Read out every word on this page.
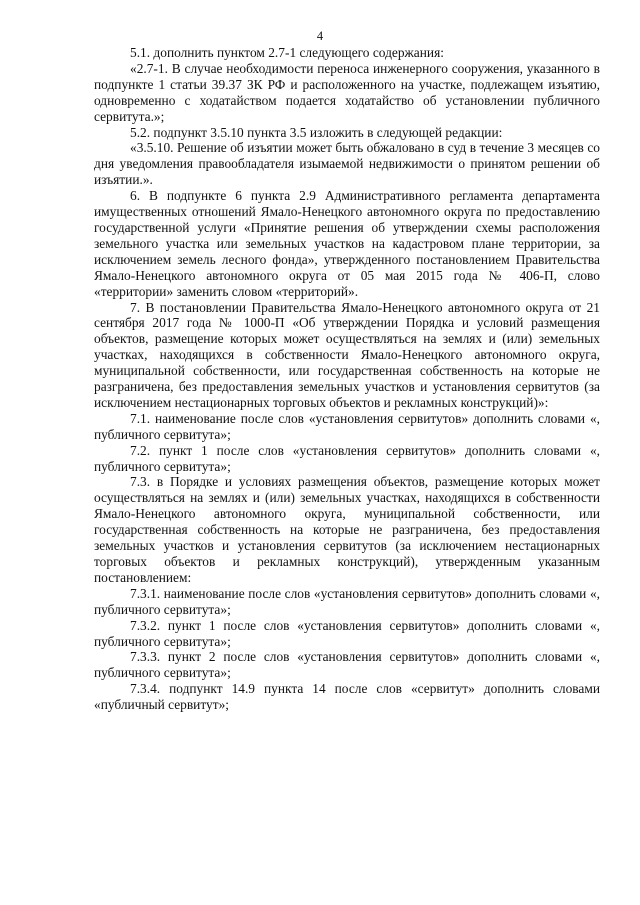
4

5.1. дополнить пунктом 2.7-1 следующего содержания:

«2.7-1. В случае необходимости переноса инженерного сооружения, указанного в подпункте 1 статьи 39.37 ЗК РФ и расположенного на участке, подлежащем изъятию, одновременно с ходатайством подается ходатайство об установлении публичного сервитута.»;

5.2. подпункт 3.5.10 пункта 3.5 изложить в следующей редакции:

«3.5.10. Решение об изъятии может быть обжаловано в суд в течение 3 месяцев со дня уведомления правообладателя изымаемой недвижимости о принятом решении об изъятии.».

6. В подпункте 6 пункта 2.9 Административного регламента департамента имущественных отношений Ямало-Ненецкого автономного округа по предоставлению государственной услуги «Принятие решения об утверждении схемы расположения земельного участка или земельных участков на кадастровом плане территории, за исключением земель лесного фонда», утвержденного постановлением Правительства Ямало-Ненецкого автономного округа от 05 мая 2015 года № 406-П, слово «территории» заменить словом «территорий».

7. В постановлении Правительства Ямало-Ненецкого автономного округа от 21 сентября 2017 года № 1000-П «Об утверждении Порядка и условий размещения объектов, размещение которых может осуществляться на землях и (или) земельных участках, находящихся в собственности Ямало-Ненецкого автономного округа, муниципальной собственности, или государственная собственность на которые не разграничена, без предоставления земельных участков и установления сервитутов (за исключением нестационарных торговых объектов и рекламных конструкций)»:

7.1. наименование после слов «установления сервитутов» дополнить словами «, публичного сервитута»;

7.2. пункт 1 после слов «установления сервитутов» дополнить словами «, публичного сервитута»;

7.3. в Порядке и условиях размещения объектов, размещение которых может осуществляться на землях и (или) земельных участках, находящихся в собственности Ямало-Ненецкого автономного округа, муниципальной собственности, или государственная собственность на которые не разграничена, без предоставления земельных участков и установления сервитутов (за исключением нестационарных торговых объектов и рекламных конструкций), утвержденным указанным постановлением:

7.3.1. наименование после слов «установления сервитутов» дополнить словами «, публичного сервитута»;

7.3.2. пункт 1 после слов «установления сервитутов» дополнить словами «, публичного сервитута»;

7.3.3. пункт 2 после слов «установления сервитутов» дополнить словами «, публичного сервитута»;

7.3.4. подпункт 14.9 пункта 14 после слов «сервитут» дополнить словами «публичный сервитут»;
